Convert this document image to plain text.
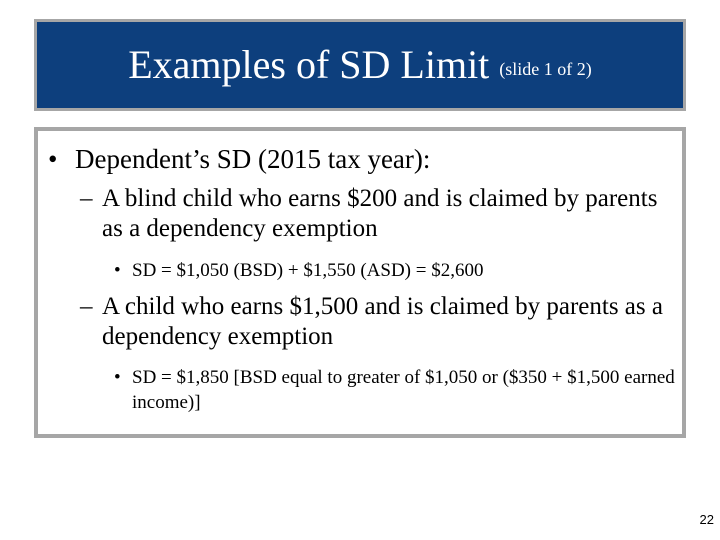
Examples of SD Limit (slide 1 of 2)
• Dependent’s SD (2015 tax year):
– A blind child who earns $200 and is claimed by parents as a dependency exemption
• SD = $1,050 (BSD) + $1,550 (ASD) = $2,600
– A child who earns $1,500 and is claimed by parents as a dependency exemption
• SD = $1,850 [BSD equal to greater of $1,050 or ($350 + $1,500 earned income)]
22
